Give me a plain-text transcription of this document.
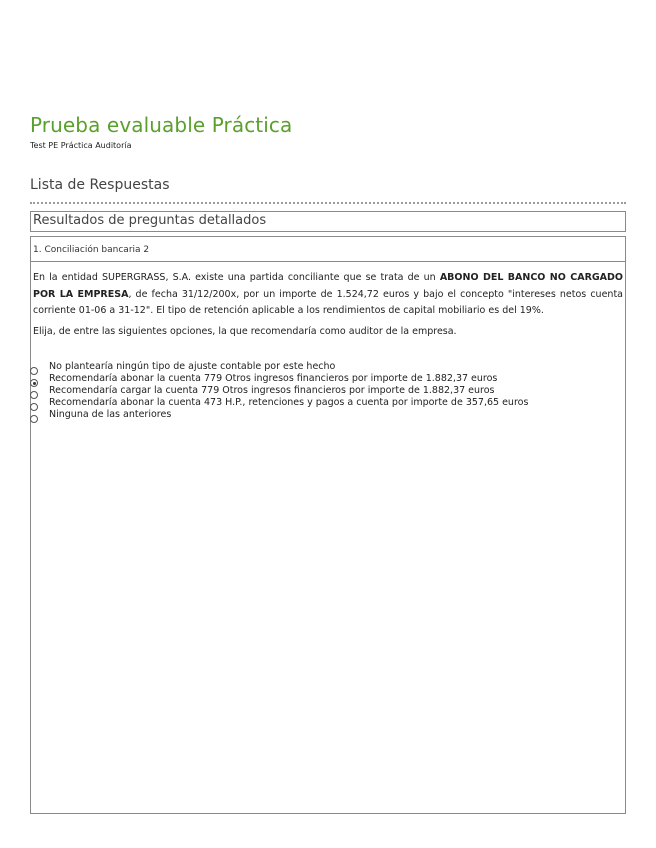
Prueba evaluable Práctica
Test PE Práctica Auditoría
Lista de Respuestas
Resultados de preguntas detallados
1. Conciliación bancaria 2

En la entidad SUPERGRASS, S.A. existe una partida conciliante que se trata de un ABONO DEL BANCO NO CARGADO POR LA EMPRESA, de fecha 31/12/200x, por un importe de 1.524,72 euros y bajo el concepto "intereses netos cuenta corriente 01-06 a 31-12". El tipo de retención aplicable a los rendimientos de capital mobiliario es del 19%.

Elija, de entre las siguientes opciones, la que recomendaría como auditor de la empresa.

No plantearía ningún tipo de ajuste contable por este hecho
Recomendaría abonar la cuenta 779 Otros ingresos financieros por importe de 1.882,37 euros
Recomendaría cargar la cuenta 779 Otros ingresos financieros por importe de 1.882,37 euros
Recomendaría abonar la cuenta 473 H.P., retenciones y pagos a cuenta por importe de 357,65 euros
Ninguna de las anteriores
